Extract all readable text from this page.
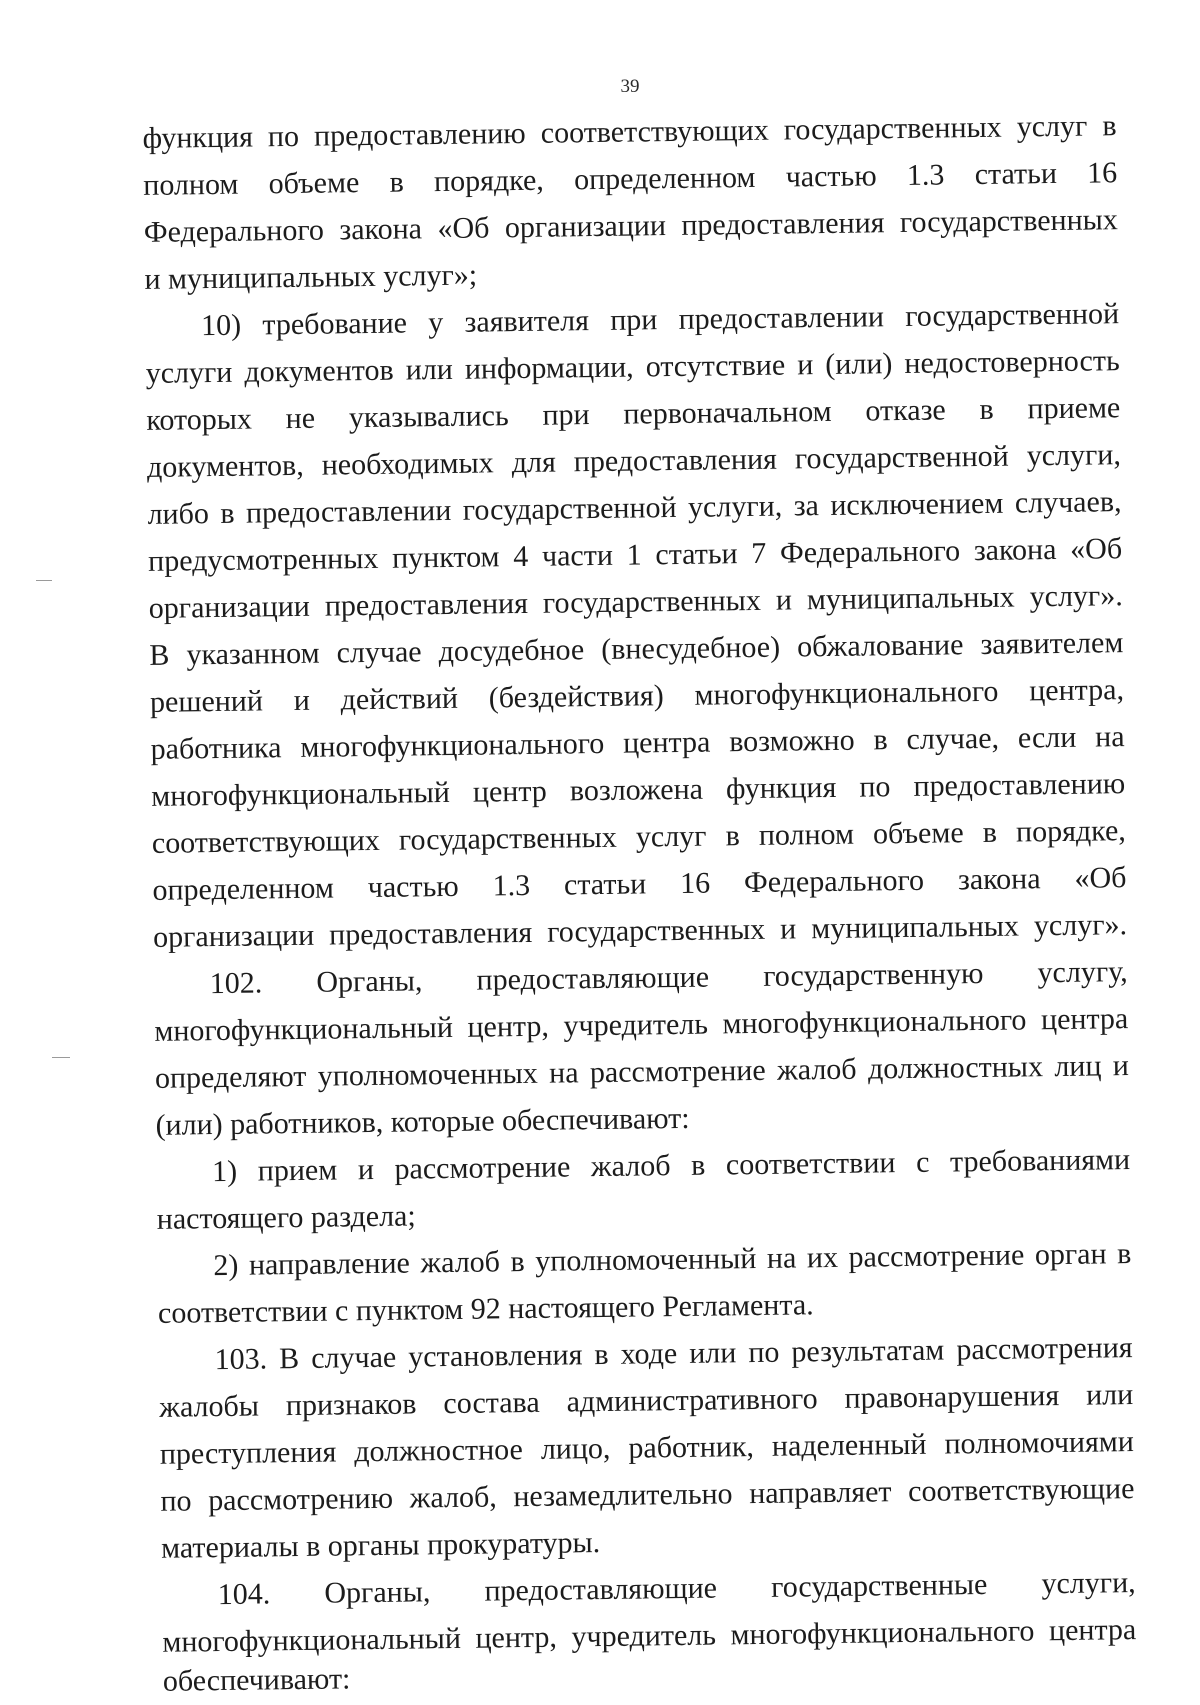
39
функция по предоставлению соответствующих государственных услуг в
полном объеме в порядке, определенном частью 1.3 статьи 16
Федерального закона «Об организации предоставления государственных
и муниципальных услуг»;
10) требование у заявителя при предоставлении государственной
услуги документов или информации, отсутствие и (или) недостоверность
которых не указывались при первоначальном отказе в приеме
документов, необходимых для предоставления государственной услуги,
либо в предоставлении государственной услуги, за исключением случаев,
предусмотренных пунктом 4 части 1 статьи 7 Федерального закона «Об
организации предоставления государственных и муниципальных услуг».
В указанном случае досудебное (внесудебное) обжалование заявителем
решений и действий (бездействия) многофункционального центра,
работника многофункционального центра возможно в случае, если на
многофункциональный центр возложена функция по предоставлению
соответствующих государственных услуг в полном объеме в порядке,
определенном частью 1.3 статьи 16 Федерального закона «Об
организации предоставления государственных и муниципальных услуг».
102. Органы, предоставляющие государственную услугу,
многофункциональный центр, учредитель многофункционального центра
определяют уполномоченных на рассмотрение жалоб должностных лиц и
(или) работников, которые обеспечивают:
1) прием и рассмотрение жалоб в соответствии с требованиями
настоящего раздела;
2) направление жалоб в уполномоченный на их рассмотрение орган в
соответствии с пунктом 92 настоящего Регламента.
103. В случае установления в ходе или по результатам рассмотрения
жалобы признаков состава административного правонарушения или
преступления должностное лицо, работник, наделенный полномочиями
по рассмотрению жалоб, незамедлительно направляет соответствующие
материалы в органы прокуратуры.
104. Органы, предоставляющие государственные услуги,
многофункциональный центр, учредитель многофункционального центра
обеспечивают:
